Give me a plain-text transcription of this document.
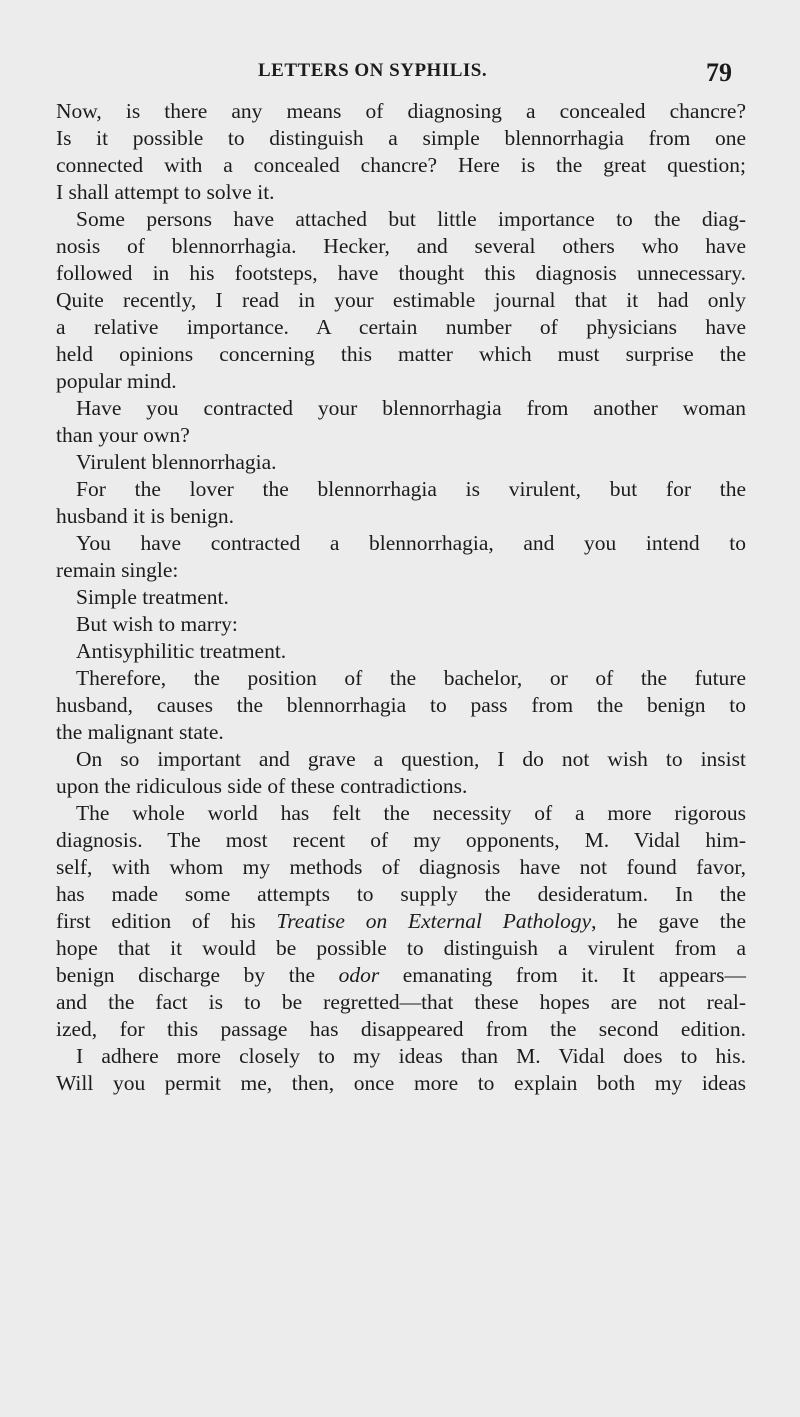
LETTERS ON SYPHILIS.	79
Now, is there any means of diagnosing a concealed chancre?
Is it possible to distinguish a simple blennorrhagia from one
connected with a concealed chancre? Here is the great question;
I shall attempt to solve it.
Some persons have attached but little importance to the diag-
nosis of blennorrhagia. Hecker, and several others who have
followed in his footsteps, have thought this diagnosis unnecessary.
Quite recently, I read in your estimable journal that it had only
a relative importance. A certain number of physicians have
held opinions concerning this matter which must surprise the
popular mind.
Have you contracted your blennorrhagia from another woman
than your own?
Virulent blennorrhagia.
For the lover the blennorrhagia is virulent, but for the
husband it is benign.
You have contracted a blennorrhagia, and you intend to
remain single:
Simple treatment.
But wish to marry:
Antisyphilitic treatment.
Therefore, the position of the bachelor, or of the future
husband, causes the blennorrhagia to pass from the benign to
the malignant state.
On so important and grave a question, I do not wish to insist
upon the ridiculous side of these contradictions.
The whole world has felt the necessity of a more rigorous
diagnosis. The most recent of my opponents, M. Vidal him-
self, with whom my methods of diagnosis have not found favor,
has made some attempts to supply the desideratum. In the
first edition of his Treatise on External Pathology, he gave the
hope that it would be possible to distinguish a virulent from a
benign discharge by the odor emanating from it. It appears—
and the fact is to be regretted—that these hopes are not real-
ized, for this passage has disappeared from the second edition.
I adhere more closely to my ideas than M. Vidal does to his.
Will you permit me, then, once more to explain both my ideas
